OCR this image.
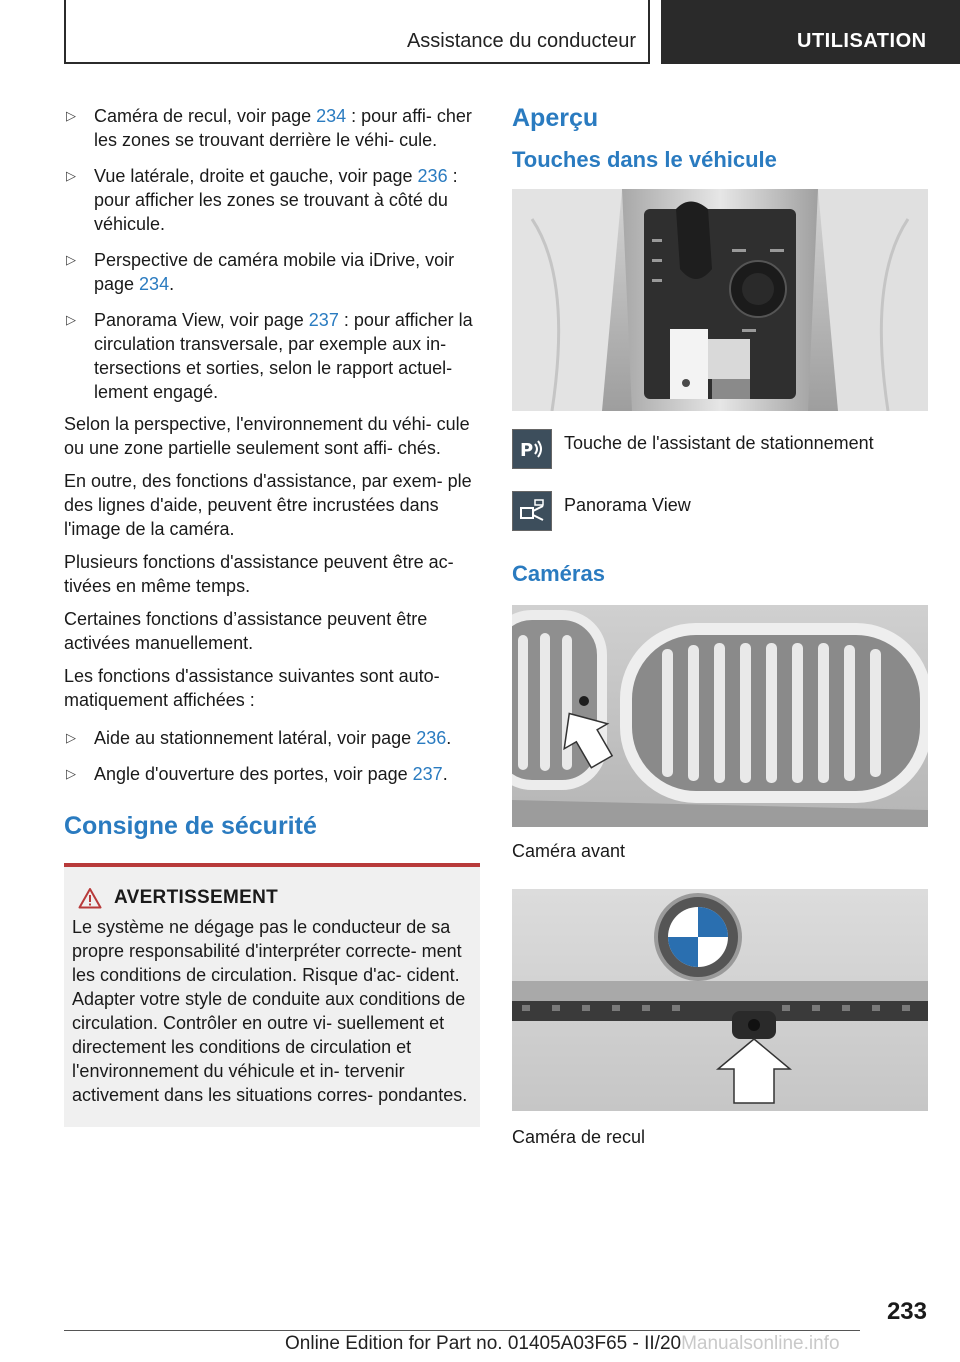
Assistance du conducteur	UTILISATION
▷ Caméra de recul, voir page 234 : pour affi‐ cher les zones se trouvant derrière le véhi‐ cule.
▷ Vue latérale, droite et gauche, voir page 236 : pour afficher les zones se trouvant à côté du véhicule.
▷ Perspective de caméra mobile via iDrive, voir page 234.
▷ Panorama View, voir page 237 : pour afficher la circulation transversale, par exemple aux in‐ tersections et sorties, selon le rapport actuel‐ lement engagé.

Selon la perspective, l'environnement du véhi‐ cule ou une zone partielle seulement sont affi‐ chés.

En outre, des fonctions d'assistance, par exem‐ ple des lignes d'aide, peuvent être incrustées dans l'image de la caméra.

Plusieurs fonctions d'assistance peuvent être ac‐ tivées en même temps.

Certaines fonctions d’assistance peuvent être activées manuellement.

Les fonctions d'assistance suivantes sont auto‐ matiquement affichées :

▷ Aide au stationnement latéral, voir page 236.
▷ Angle d'ouverture des portes, voir page 237.
Consigne de sécurité
AVERTISSEMENT
Le système ne dégage pas le conducteur de sa propre responsabilité d'interpréter correcte‐ ment les conditions de circulation. Risque d'ac‐ cident. Adapter votre style de conduite aux conditions de circulation. Contrôler en outre vi‐ suellement et directement les conditions de circulation et l'environnement du véhicule et in‐ tervenir activement dans les situations corres‐ pondantes.
Aperçu
Touches dans le véhicule
P Touche de l'assistant de stationnement
Panorama View
Caméras
Caméra avant
Caméra de recul
233
Online Edition for Part no. 01405A03F65 - II/20Manualsonline.info
